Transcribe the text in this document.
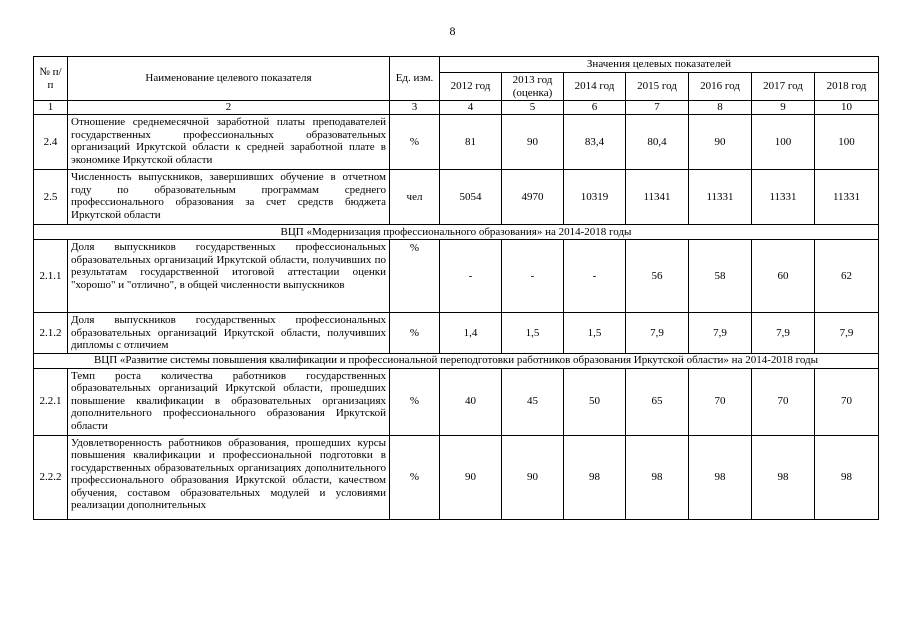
8
№ п/п	Наименование целевого показателя	Ед. изм.	Значения целевых показателей						
			2012 год	2013 год (оценка)	2014 год	2015 год	2016 год	2017 год	2018 год
1	2	3	4	5	6	7	8	9	10
2.4	Отношение среднемесячной заработной платы преподавателей государственных профессиональных образовательных организаций Иркутской области к средней заработной плате в экономике Иркутской области	%	81	90	83,4	80,4	90	100	100
2.5	Численность выпускников, завершивших обучение в отчетном году по образовательным программам среднего профессионального образования за счет средств бюджета Иркутской области	чел	5054	4970	10319	11341	11331	11331	11331
ВЦП «Модернизация профессионального образования» на 2014-2018 годы									
2.1.1	Доля выпускников государственных профессиональных образовательных организаций Иркутской области, получивших по результатам государственной итоговой аттестации оценки "хорошо" и "отлично", в общей численности выпускников	%	-	-	-	56	58	60	62
2.1.2	Доля выпускников государственных профессиональных образовательных организаций Иркутской области, получивших дипломы с отличием	%	1,4	1,5	1,5	7,9	7,9	7,9	7,9
ВЦП «Развитие системы повышения квалификации и профессиональной переподготовки работников образования Иркутской области» на 2014-2018 годы									
2.2.1	Темп роста количества работников государственных образовательных организаций Иркутской области, прошедших повышение квалификации в образовательных организациях дополнительного профессионального образования Иркутской области	%	40	45	50	65	70	70	70
2.2.2	Удовлетворенность работников образования, прошедших курсы повышения квалификации и профессиональной подготовки в государственных образовательных организациях дополнительного профессионального образования Иркутской области, качеством обучения, составом образовательных модулей и условиями реализации дополнительных	%	90	90	98	98	98	98	98
